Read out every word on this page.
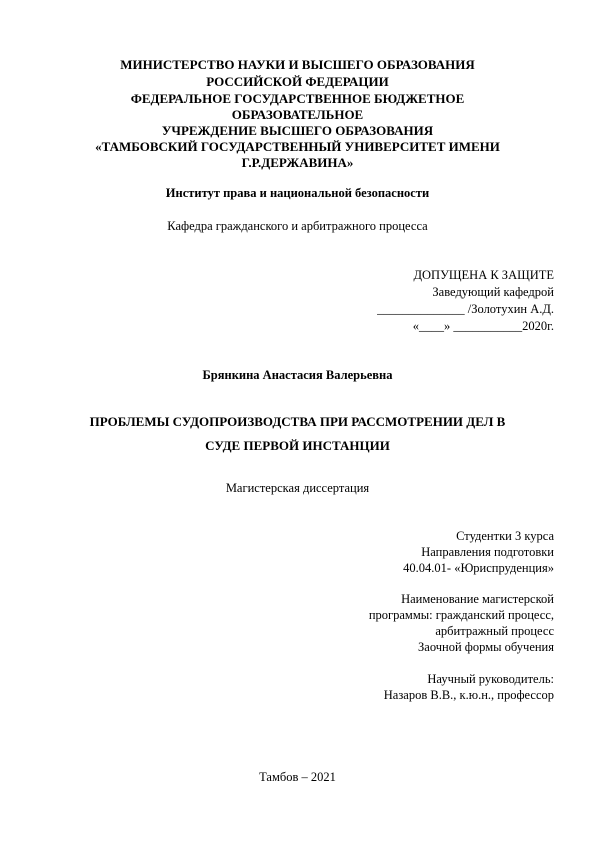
МИНИСТЕРСТВО НАУКИ И ВЫСШЕГО ОБРАЗОВАНИЯ
РОССИЙСКОЙ ФЕДЕРАЦИИ
ФЕДЕРАЛЬНОЕ ГОСУДАРСТВЕННОЕ БЮДЖЕТНОЕ
ОБРАЗОВАТЕЛЬНОЕ
УЧРЕЖДЕНИЕ ВЫСШЕГО ОБРАЗОВАНИЯ
«ТАМБОВСКИЙ ГОСУДАРСТВЕННЫЙ УНИВЕРСИТЕТ ИМЕНИ
Г.Р.ДЕРЖАВИНА»
Институт права и национальной безопасности
Кафедра гражданского и арбитражного процесса
ДОПУЩЕНА К ЗАЩИТЕ
Заведующий кафедрой
______________ /Золотухин А.Д.
«____» ___________2020г.
Брянкина Анастасия Валерьевна
ПРОБЛЕМЫ СУДОПРОИЗВОДСТВА ПРИ РАССМОТРЕНИИ ДЕЛ В
СУДЕ ПЕРВОЙ ИНСТАНЦИИ
Магистерская диссертация
Студентки 3 курса
Направления подготовки
40.04.01- «Юриспруденция»
Наименование магистерской
программы: гражданский процесс,
арбитражный процесс
Заочной формы обучения
Научный руководитель:
Назаров В.В., к.ю.н., профессор
Тамбов – 2021
